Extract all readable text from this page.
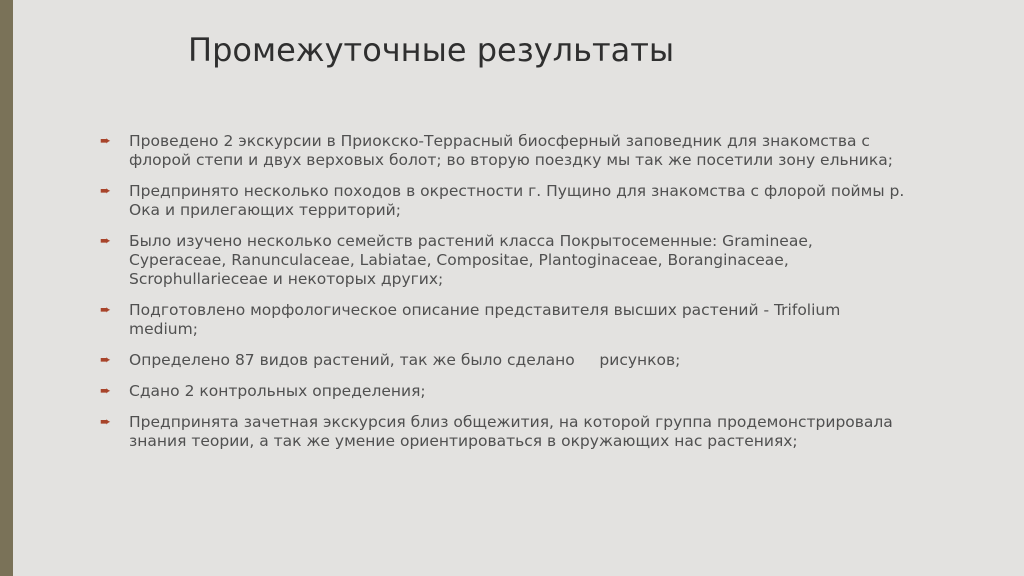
Промежуточные результаты
➨ Проведено 2 экскурсии в Приокско-Террасный биосферный заповедник для знакомства с флорой степи и двух верховых болот; во вторую поездку мы так же посетили зону ельника;
➨ Предпринято несколько походов в окрестности г. Пущино для знакомства с флорой поймы р. Ока и прилегающих территорий;
➨ Было изучено несколько семейств растений класса Покрытосеменные: Gramineae, Cyperaceae, Ranunculaceae, Labiatae, Compositae, Plantoginaceae, Boranginaceae, Scrophullarieceae и некоторых других;
➨ Подготовлено морфологическое описание представителя высших растений - Trifolium medium;
➨ Определено 87 видов растений, так же было сделано     рисунков;
➨ Сдано 2 контрольных определения;
➨ Предпринята зачетная экскурсия близ общежития, на которой группа продемонстрировала знания теории, а так же умение ориентироваться в окружающих нас растениях;
